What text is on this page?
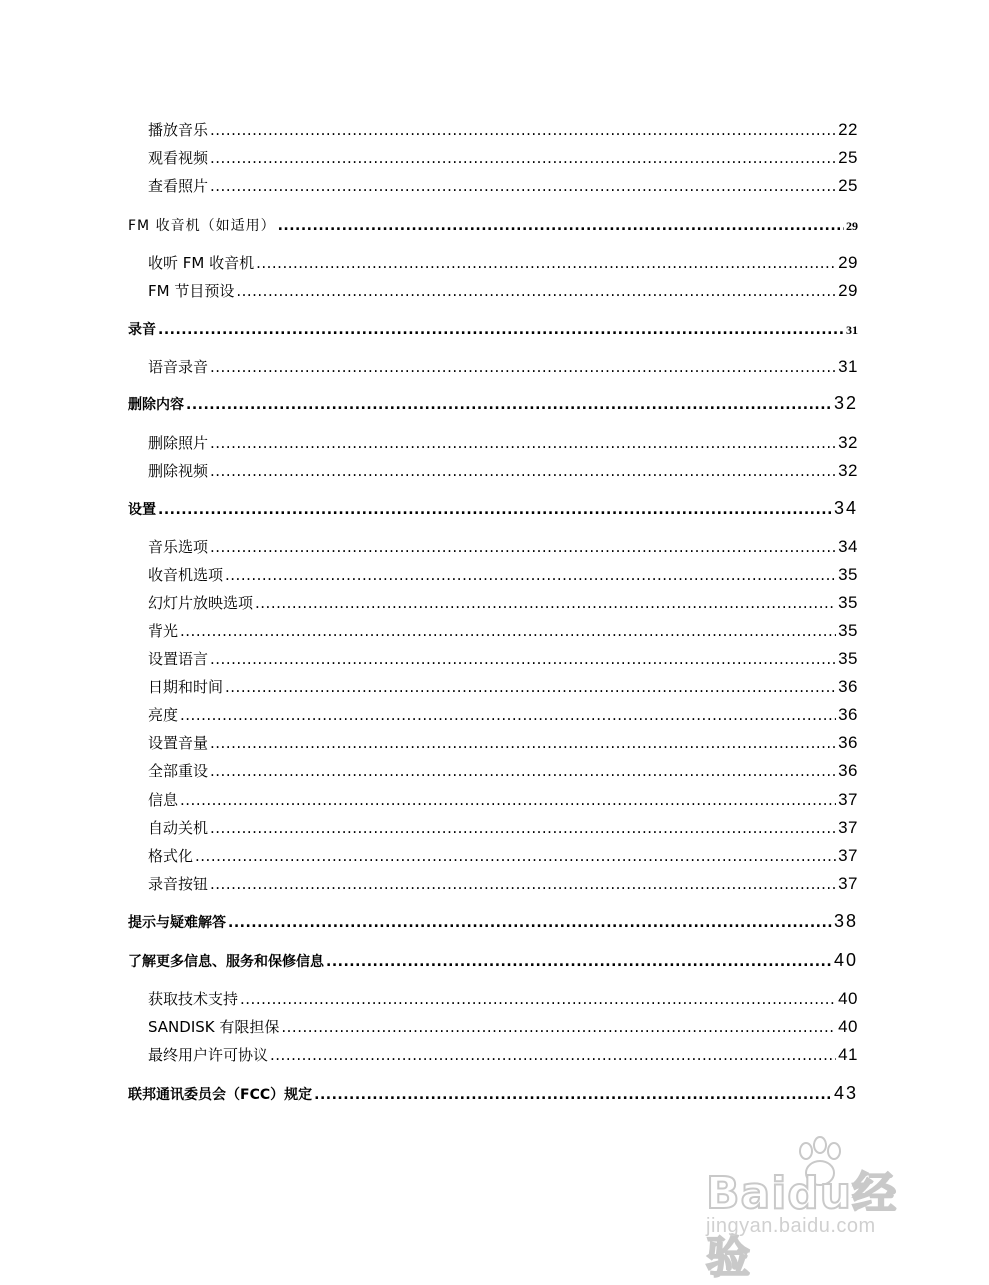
播放音乐 .....	22
观看视频 .....	25
查看照片 .....	25
FM 收音机（如适用） .....	29
收听 FM 收音机 .....	29
FM 节目预设 .....	29
录音 .....	31
语音录音 .....	31
删除内容 .....	32
删除照片 .....	32
删除视频 .....	32
设置 .....	34
音乐选项 .....	34
收音机选项 .....	35
幻灯片放映选项 .....	35
背光 .....	35
设置语言 .....	35
日期和时间 .....	36
亮度 .....	36
设置音量 .....	36
全部重设 .....	36
信息 .....	37
自动关机 .....	37
格式化 .....	37
录音按钮 .....	37
提示与疑难解答 .....	38
了解更多信息、服务和保修信息 .....	40
获取技术支持 .....	40
SANDISK 有限担保 .....	40
最终用户许可协议 .....	41
联邦通讯委员会（FCC）规定 .....	43
Baidu经验
jingyan.baidu.com
